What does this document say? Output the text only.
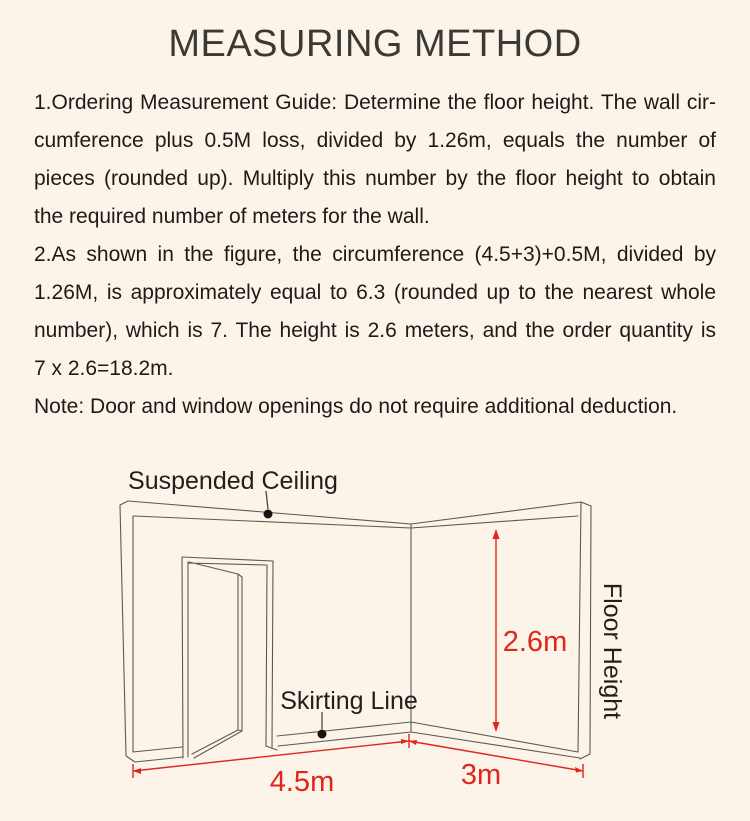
MEASURING METHOD
1.Ordering Measurement Guide: Determine the floor height. The wall cir-
cumference plus 0.5M loss, divided by 1.26m, equals the number of
pieces (rounded up). Multiply this number by the floor height to obtain
the required number of meters for the wall.
2.As shown in the figure, the circumference (4.5+3)+0.5M, divided by
1.26M, is approximately equal to 6.3 (rounded up to the nearest whole
number), which is 7. The height is 2.6 meters, and the order quantity is
7 x 2.6=18.2m.
Note: Door and window openings do not require additional deduction.
Suspended Ceiling
Skirting Line
2.6m Floor Height
4.5m	3m
